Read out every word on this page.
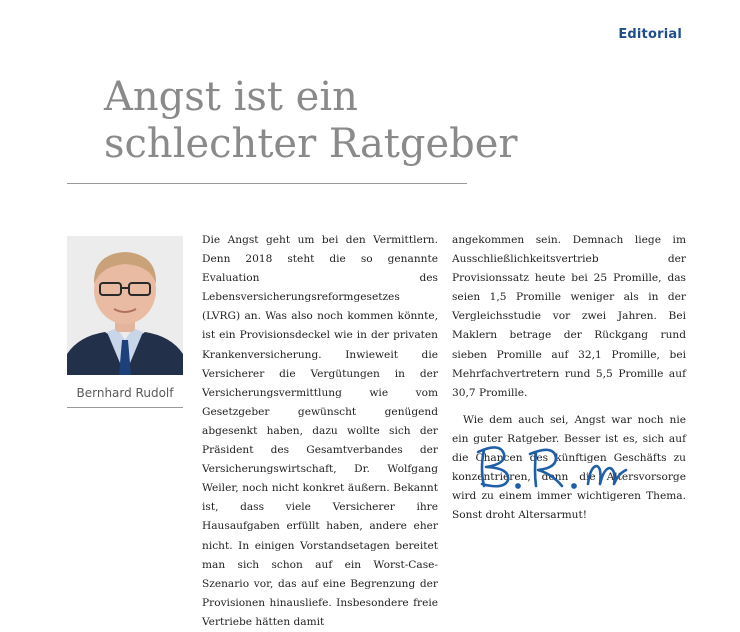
Editorial
Angst ist ein
schlechter Ratgeber
Bernhard Rudolf

Die Angst geht um bei den Vermittlern. Denn 2018 steht die so genannte Evaluation des Lebensversicherungsreformgesetzes (LVRG) an. Was also noch kommen könnte, ist ein Provisionsdeckel wie in der privaten Krankenversicherung. Inwieweit die Versicherer die Vergütungen in der Versicherungsvermittlung wie vom Gesetzgeber gewünscht genügend abgesenkt haben, dazu wollte sich der Präsident des Gesamtverbandes der Versicherungswirtschaft, Dr. Wolfgang Weiler, noch nicht konkret äußern. Bekannt ist, dass viele Versicherer ihre Hausaufgaben erfüllt haben, andere eher nicht. In einigen Vorstandsetagen bereitet man sich schon auf ein Worst-Case-Szenario vor, das auf eine Begrenzung der Provisionen hinausliefe. Insbesondere freie Vertriebe hätten damit

angekommen sein. Demnach liege im Ausschließlichkeitsvertrieb der Provisionssatz heute bei 25 Promille, das seien 1,5 Promille weniger als in der Vergleichsstudie vor zwei Jahren. Bei Maklern betrage der Rückgang rund sieben Promille auf 32,1 Promille, bei Mehrfachvertretern rund 5,5 Promille auf 30,7 Promille.

Wie dem auch sei, Angst war noch nie ein guter Ratgeber. Besser ist es, sich auf die Chancen des künftigen Geschäfts zu konzentrieren, denn die Altersvorsorge wird zu einem immer wichtigeren Thema. Sonst droht Altersarmut!
